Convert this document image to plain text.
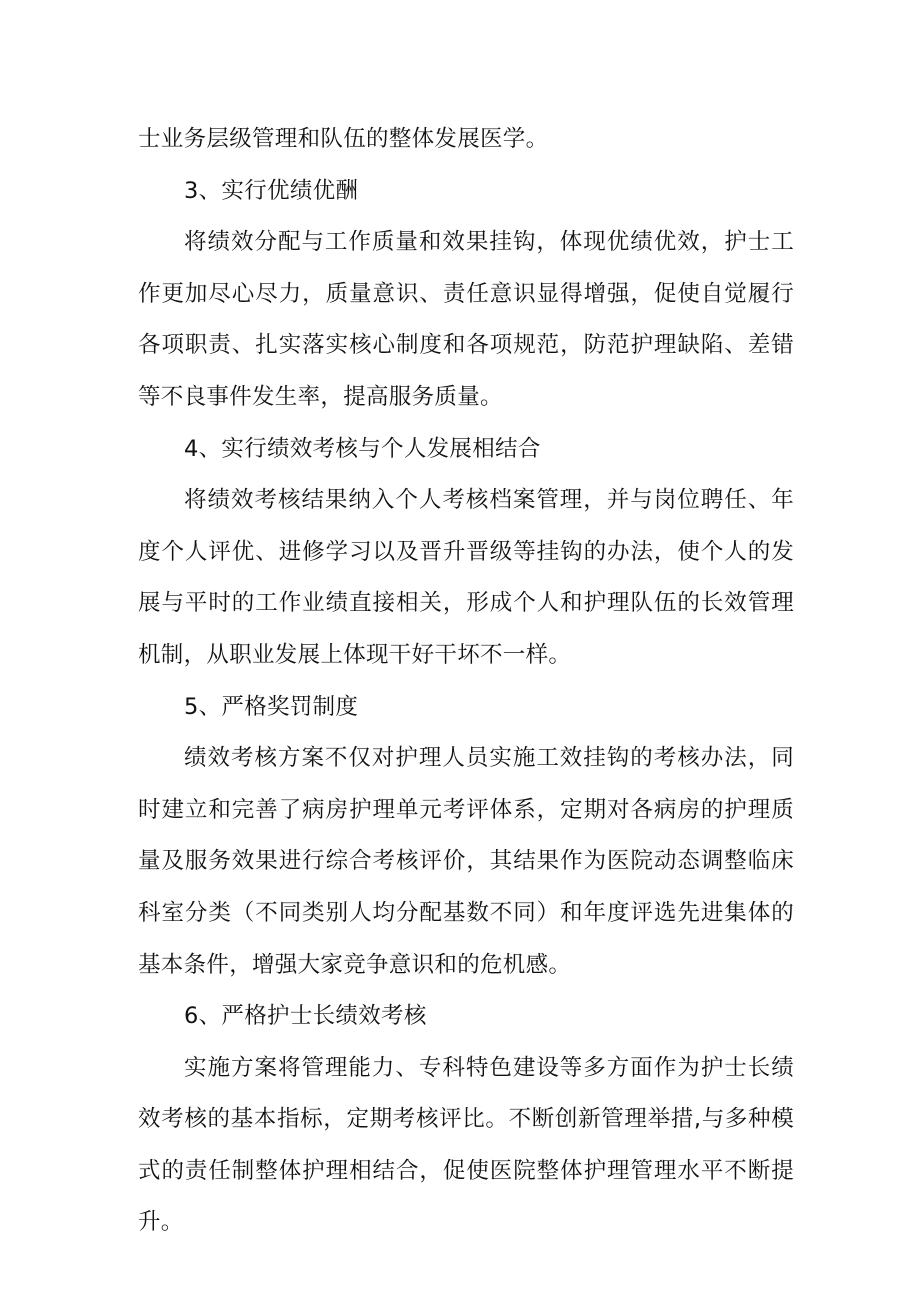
士业务层级管理和队伍的整体发展医学。
3、实行优绩优酬
将绩效分配与工作质量和效果挂钩，体现优绩优效，护士工
作更加尽心尽力，质量意识、责任意识显得增强，促使自觉履行
各项职责、扎实落实核心制度和各项规范，防范护理缺陷、差错
等不良事件发生率，提高服务质量。
4、实行绩效考核与个人发展相结合
将绩效考核结果纳入个人考核档案管理，并与岗位聘任、年
度个人评优、进修学习以及晋升晋级等挂钩的办法，使个人的发
展与平时的工作业绩直接相关，形成个人和护理队伍的长效管理
机制，从职业发展上体现干好干坏不一样。
5、严格奖罚制度
绩效考核方案不仅对护理人员实施工效挂钩的考核办法，同
时建立和完善了病房护理单元考评体系，定期对各病房的护理质
量及服务效果进行综合考核评价，其结果作为医院动态调整临床
科室分类（不同类别人均分配基数不同）和年度评选先进集体的
基本条件，增强大家竞争意识和的危机感。
6、严格护士长绩效考核
实施方案将管理能力、专科特色建设等多方面作为护士长绩
效考核的基本指标，定期考核评比。不断创新管理举措,与多种模
式的责任制整体护理相结合，促使医院整体护理管理水平不断提
升。
